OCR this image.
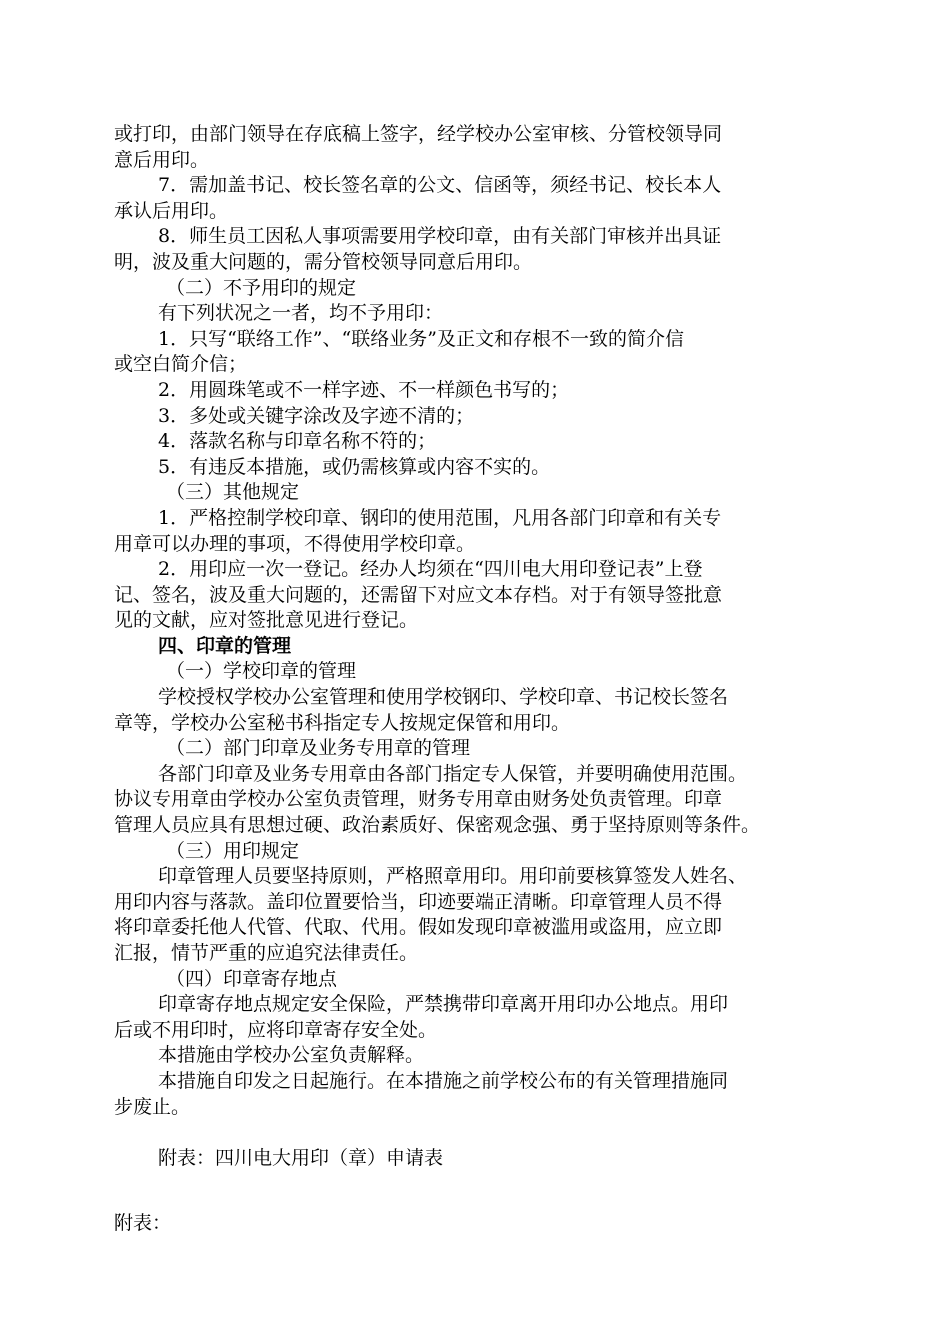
或打印，由部门领导在存底稿上签字，经学校办公室审核、分管校领导同
意后用印。
7．需加盖书记、校长签名章的公文、信函等，须经书记、校长本人
承认后用印。
8．师生员工因私人事项需要用学校印章，由有关部门审核并出具证
明，波及重大问题的，需分管校领导同意后用印。
（二）不予用印的规定
有下列状况之一者，均不予用印：
1．只写“联络工作”、“联络业务”及正文和存根不一致的简介信
或空白简介信；
2．用圆珠笔或不一样字迹、不一样颜色书写的；
3．多处或关键字涂改及字迹不清的；
4．落款名称与印章名称不符的；
5．有违反本措施，或仍需核算或内容不实的。
（三）其他规定
1．严格控制学校印章、钢印的使用范围，凡用各部门印章和有关专
用章可以办理的事项，不得使用学校印章。
2．用印应一次一登记。经办人均须在“四川电大用印登记表”上登
记、签名，波及重大问题的，还需留下对应文本存档。对于有领导签批意
见的文献，应对签批意见进行登记。
四、印章的管理
（一）学校印章的管理
学校授权学校办公室管理和使用学校钢印、学校印章、书记校长签名
章等，学校办公室秘书科指定专人按规定保管和用印。
（二）部门印章及业务专用章的管理
各部门印章及业务专用章由各部门指定专人保管，并要明确使用范围。
协议专用章由学校办公室负责管理，财务专用章由财务处负责管理。印章
管理人员应具有思想过硬、政治素质好、保密观念强、勇于坚持原则等条件。
（三）用印规定
印章管理人员要坚持原则，严格照章用印。用印前要核算签发人姓名、
用印内容与落款。盖印位置要恰当，印迹要端正清晰。印章管理人员不得
将印章委托他人代管、代取、代用。假如发现印章被滥用或盗用，应立即
汇报，情节严重的应追究法律责任。
（四）印章寄存地点
印章寄存地点规定安全保险，严禁携带印章离开用印办公地点。用印
后或不用印时，应将印章寄存安全处。
本措施由学校办公室负责解释。
本措施自印发之日起施行。在本措施之前学校公布的有关管理措施同
步废止。
附表：四川电大用印（章）申请表
附表：
